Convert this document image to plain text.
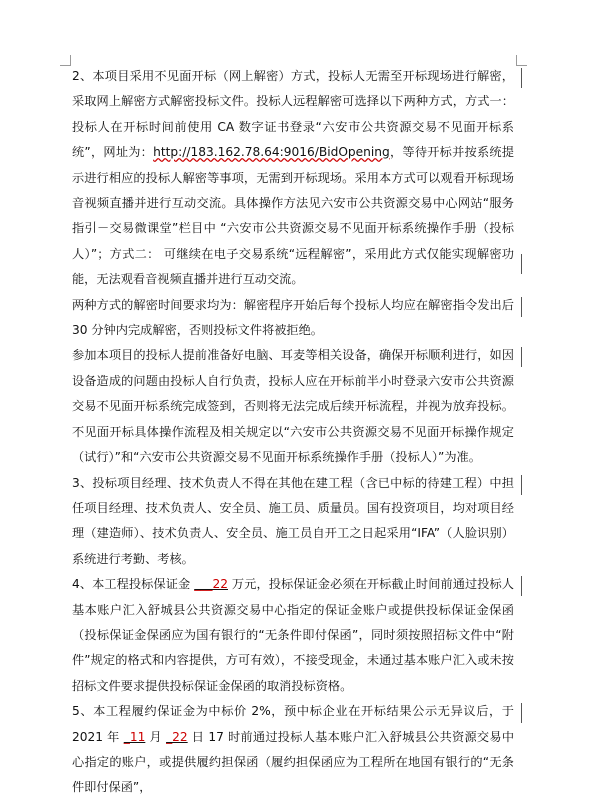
2、本项目采用不见面开标（网上解密）方式，投标人无需至开标现场进行解密，采取网上解密方式解密投标文件。投标人远程解密可选择以下两种方式，方式一：投标人在开标时间前使用 CA 数字证书登录“六安市公共资源交易不见面开标系统”，网址为：http://183.162.78.64:9016/BidOpening，等待开标并按系统提示进行相应的投标人解密等事项，无需到开标现场。采用本方式可以观看开标现场音视频直播并进行互动交流。具体操作方法见六安市公共资源交易中心网站“服务指引－交易微课堂”栏目中 “六安市公共资源交易不见面开标系统操作手册（投标人）”；方式二： 可继续在电子交易系统“远程解密”，采用此方式仅能实现解密功能，无法观看音视频直播并进行互动交流。

两种方式的解密时间要求均为：解密程序开始后每个投标人均应在解密指令发出后 30 分钟内完成解密，否则投标文件将被拒绝。

参加本项目的投标人提前准备好电脑、耳麦等相关设备，确保开标顺利进行，如因设备造成的问题由投标人自行负责，投标人应在开标前半小时登录六安市公共资源交易不见面开标系统完成签到，否则将无法完成后续开标流程，并视为放弃投标。不见面开标具体操作流程及相关规定以“六安市公共资源交易不见面开标操作规定（试行）”和“六安市公共资源交易不见面开标系统操作手册（投标人）”为准。

3、投标项目经理、技术负责人不得在其他在建工程（含已中标的待建工程）中担任项目经理、技术负责人、安全员、施工员、质量员。国有投资项目，均对项目经理（建造师）、技术负责人、安全员、施工员自开工之日起采用“IFA”（人脸识别）系统进行考勤、考核。

4、本工程投标保证金 ___22 万元，投标保证金必须在开标截止时间前通过投标人基本账户汇入舒城县公共资源交易中心指定的保证金账户或提供投标保证金保函（投标保证金保函应为国有银行的“无条件即付保函”，同时须按照招标文件中“附件”规定的格式和内容提供，方可有效），不接受现金，未通过基本账户汇入或未按招标文件要求提供投标保证金保函的取消投标资格。

5、本工程履约保证金为中标价 2%，预中标企业在开标结果公示无异议后，于 2021 年 _11 月 _22 日 17 时前通过投标人基本账户汇入舒城县公共资源交易中心指定的账户，或提供履约担保函（履约担保函应为工程所在地国有银行的“无条件即付保函”，
